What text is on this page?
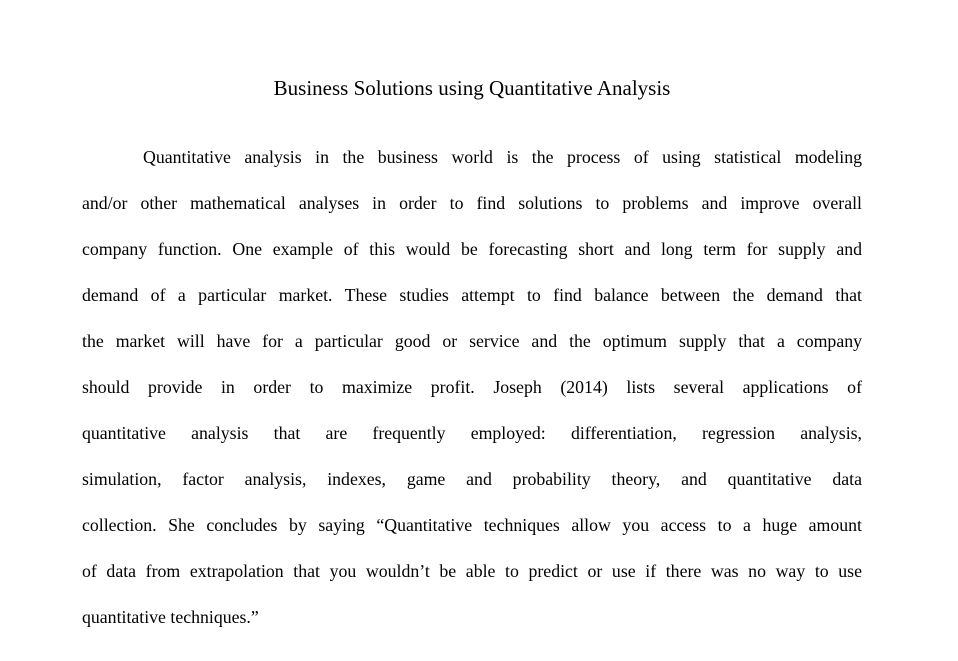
Business Solutions using Quantitative Analysis

Quantitative analysis in the business world is the process of using statistical modeling

and/or other mathematical analyses in order to find solutions to problems and improve overall

company function. One example of this would be forecasting short and long term for supply and

demand of a particular market. These studies attempt to find balance between the demand that

the market will have for a particular good or service and the optimum supply that a company

should provide in order to maximize profit. Joseph (2014) lists several applications of

quantitative analysis that are frequently employed: differentiation, regression analysis,

simulation, factor analysis, indexes, game and probability theory, and quantitative data

collection. She concludes by saying “Quantitative techniques allow you access to a huge amount

of data from extrapolation that you wouldn’t be able to predict or use if there was no way to use

quantitative techniques.”
